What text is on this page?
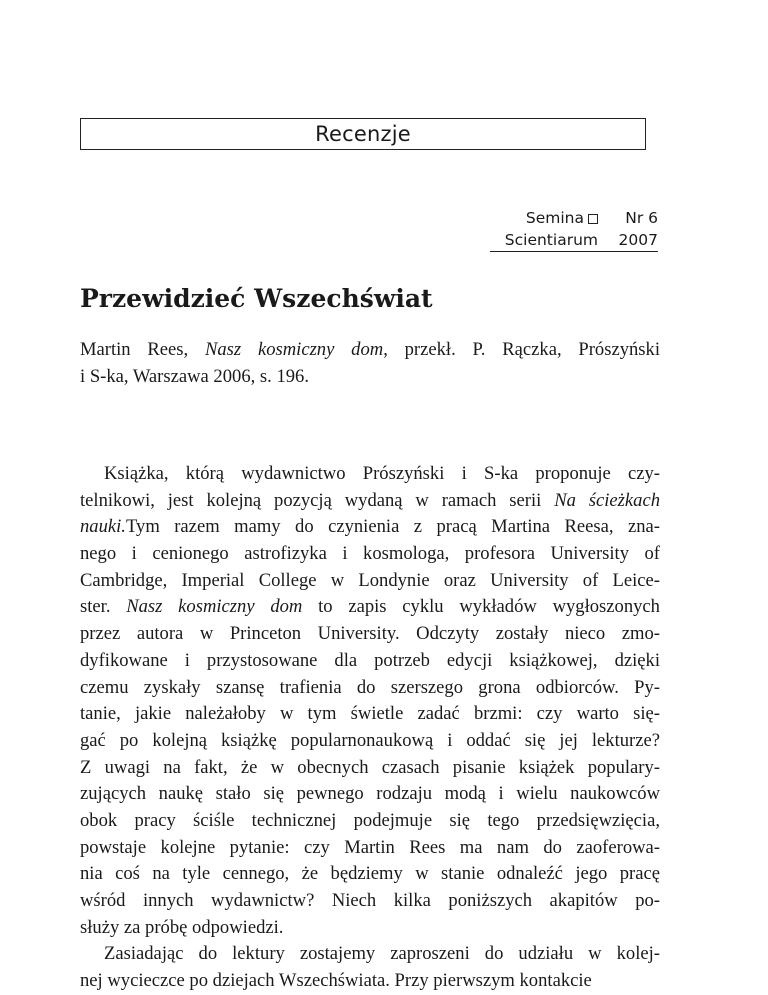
Recenzje
Semina	Nr 6
Scientiarum 2007
Przewidzieć Wszechświat
Martin Rees, Nasz kosmiczny dom, przekł. P. Rączka, Prószyński
i S-ka, Warszawa 2006, s. 196.
Książka, którą wydawnictwo Prószyński i S-ka proponuje czy-
telnikowi, jest kolejną pozycją wydaną w ramach serii Na ścieżkach
nauki.Tym razem mamy do czynienia z pracą Martina Reesa, zna-
nego i cenionego astrofizyka i kosmologa, profesora University of
Cambridge, Imperial College w Londynie oraz University of Leice-
ster. Nasz kosmiczny dom to zapis cyklu wykładów wygłoszonych
przez autora w Princeton University. Odczyty zostały nieco zmo-
dyfikowane i przystosowane dla potrzeb edycji książkowej, dzięki
czemu zyskały szansę trafienia do szerszego grona odbiorców. Py-
tanie, jakie należałoby w tym świetle zadać brzmi: czy warto się-
gać po kolejną książkę popularnonaukową i oddać się jej lekturze?
Z uwagi na fakt, że w obecnych czasach pisanie książek populary-
zujących naukę stało się pewnego rodzaju modą i wielu naukowców
obok pracy ściśle technicznej podejmuje się tego przedsięwzięcia,
powstaje kolejne pytanie: czy Martin Rees ma nam do zaoferowa-
nia coś na tyle cennego, że będziemy w stanie odnaleźć jego pracę
wśród innych wydawnictw? Niech kilka poniższych akapitów po-
służy za próbę odpowiedzi.
Zasiadając do lektury zostajemy zaproszeni do udziału w kolej-
nej wycieczce po dziejach Wszechświata. Przy pierwszym kontakcie
